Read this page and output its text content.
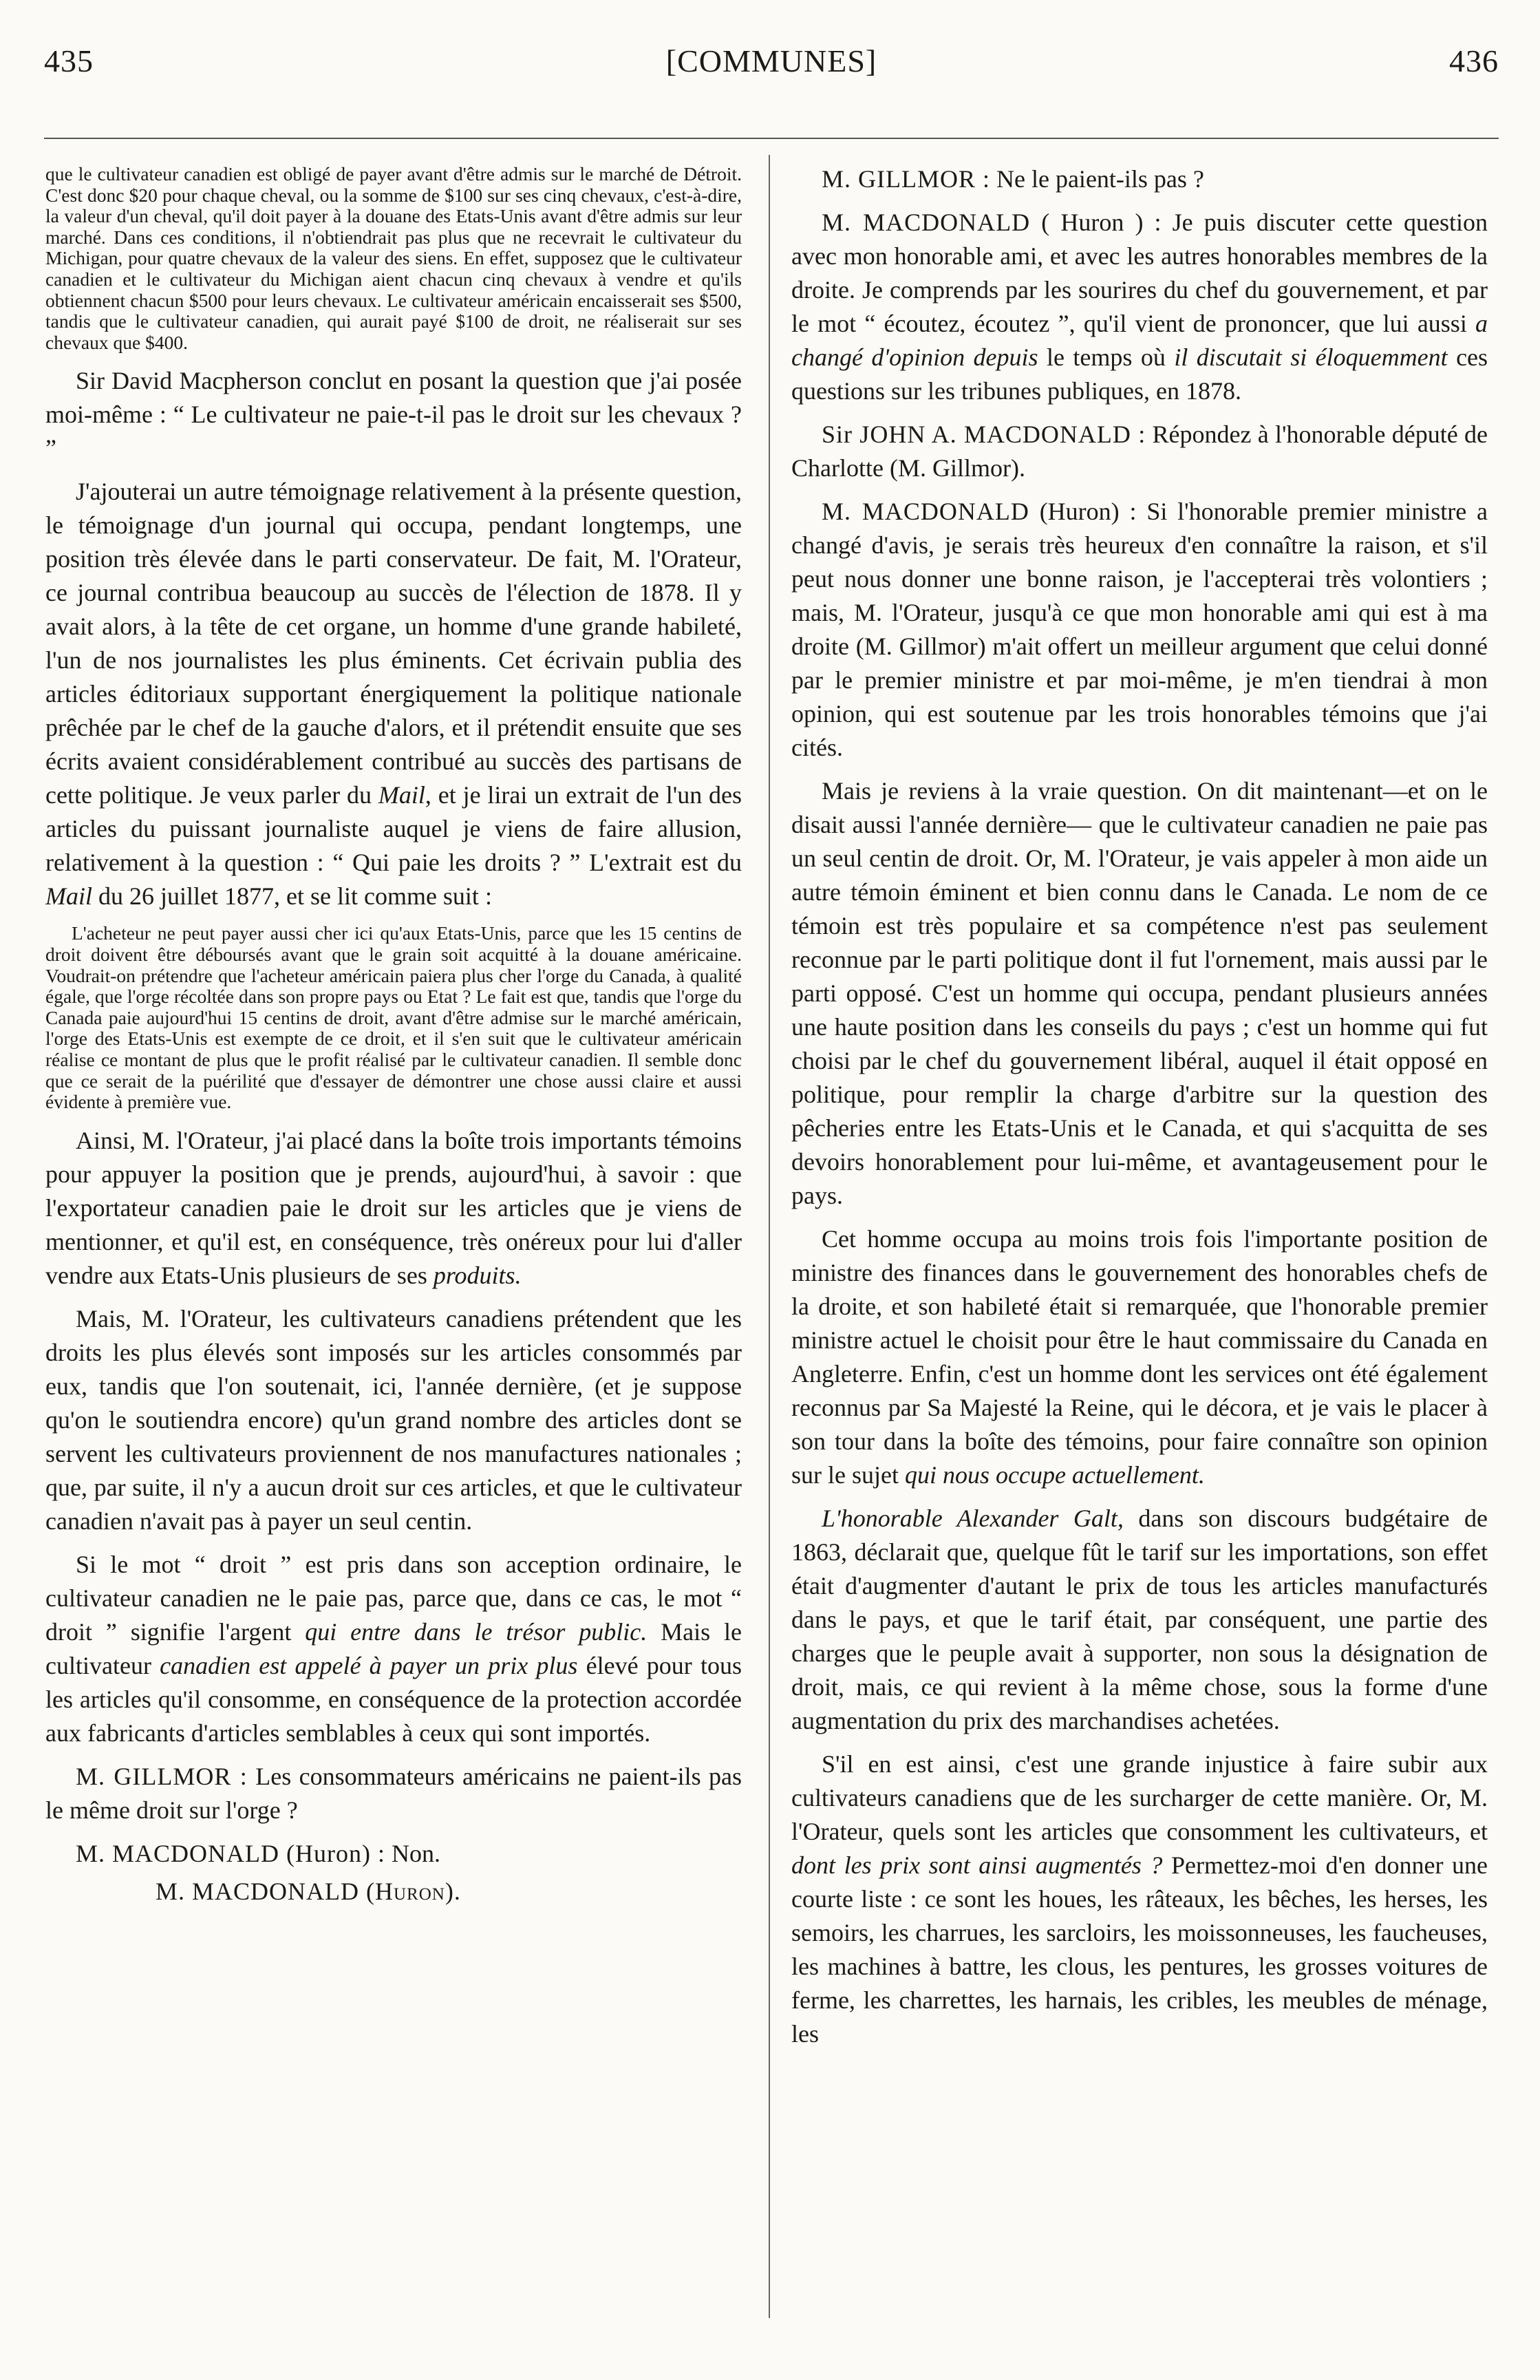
435	[COMMUNES]	436

que le cultivateur canadien est obligé de payer avant d'être admis sur le marché de Détroit. C'est donc $20 pour chaque cheval, ou la somme de $100 sur ses cinq chevaux, c'est-à-dire, la valeur d'un cheval, qu'il doit payer à la douane des Etats-Unis avant d'être admis sur leur marché. Dans ces conditions, il n'obtiendrait pas plus que ne recevrait le cultivateur du Michigan, pour quatre chevaux de la valeur des siens. En effet, supposez que le cultivateur canadien et le cultivateur du Michigan aient chacun cinq chevaux à vendre et qu'ils obtiennent chacun $500 pour leurs chevaux. Le cultivateur américain encaisserait ses $500, tandis que le cultivateur canadien, qui aurait payé $100 de droit, ne réaliserait sur ses chevaux que $400.

Sir David Macpherson conclut en posant la question que j'ai posée moi-même : “ Le cultivateur ne paie-t-il pas le droit sur les chevaux ? ”

J'ajouterai un autre témoignage relativement à la présente question, le témoignage d'un journal qui occupa, pendant longtemps, une position très élevée dans le parti conservateur. De fait, M. l'Orateur, ce journal contribua beaucoup au succès de l'élection de 1878. Il y avait alors, à la tête de cet organe, un homme d'une grande habileté, l'un de nos journalistes les plus éminents. Cet écrivain publia des articles éditoriaux supportant énergiquement la politique nationale prêchée par le chef de la gauche d'alors, et il prétendit ensuite que ses écrits avaient considérablement contribué au succès des partisans de cette politique. Je veux parler du Mail, et je lirai un extrait de l'un des articles du puissant journaliste auquel je viens de faire allusion, relativement à la question : “ Qui paie les droits ? ” L'extrait est du Mail du 26 juillet 1877, et se lit comme suit :

L'acheteur ne peut payer aussi cher ici qu'aux Etats-Unis, parce que les 15 centins de droit doivent être déboursés avant que le grain soit acquitté à la douane américaine. Voudrait-on prétendre que l'acheteur américain paiera plus cher l'orge du Canada, à qualité égale, que l'orge récoltée dans son propre pays ou Etat ? Le fait est que, tandis que l'orge du Canada paie aujourd'hui 15 centins de droit, avant d'être admise sur le marché américain, l'orge des Etats-Unis est exempte de ce droit, et il s'en suit que le cultivateur américain réalise ce montant de plus que le profit réalisé par le cultivateur canadien. Il semble donc que ce serait de la puérilité que d'essayer de démontrer une chose aussi claire et aussi évidente à première vue.

Ainsi, M. l'Orateur, j'ai placé dans la boîte trois importants témoins pour appuyer la position que je prends, aujourd'hui, à savoir : que l'exportateur canadien paie le droit sur les articles que je viens de mentionner, et qu'il est, en conséquence, très onéreux pour lui d'aller vendre aux Etats-Unis plusieurs de ses produits.

Mais, M. l'Orateur, les cultivateurs canadiens prétendent que les droits les plus élevés sont imposés sur les articles consommés par eux, tandis que l'on soutenait, ici, l'année dernière, (et je suppose qu'on le soutiendra encore) qu'un grand nombre des articles dont se servent les cultivateurs proviennent de nos manufactures nationales ; que, par suite, il n'y a aucun droit sur ces articles, et que le cultivateur canadien n'avait pas à payer un seul centin.

Si le mot “ droit ” est pris dans son acception ordinaire, le cultivateur canadien ne le paie pas, parce que, dans ce cas, le mot “ droit ” signifie l'argent qui entre dans le trésor public. Mais le cultivateur canadien est appelé à payer un prix plus élevé pour tous les articles qu'il consomme, en conséquence de la protection accordée aux fabricants d'articles semblables à ceux qui sont importés.

M. GILLMOR : Les consommateurs américains ne paient-ils pas le même droit sur l'orge ?

M. MACDONALD (Huron) : Non.

M. MACDONALD (Huron).

M. GILLMOR : Ne le paient-ils pas ?

M. MACDONALD ( Huron ) : Je puis discuter cette question avec mon honorable ami, et avec les autres honorables membres de la droite. Je comprends par les sourires du chef du gouvernement, et par le mot “ écoutez, écoutez ”, qu'il vient de prononcer, que lui aussi a changé d'opinion depuis le temps où il discutait si éloquemment ces questions sur les tribunes publiques, en 1878.

Sir JOHN A. MACDONALD : Répondez à l'honorable député de Charlotte (M. Gillmor).

M. MACDONALD (Huron) : Si l'honorable premier ministre a changé d'avis, je serais très heureux d'en connaître la raison, et s'il peut nous donner une bonne raison, je l'accepterai très volontiers ; mais, M. l'Orateur, jusqu'à ce que mon honorable ami qui est à ma droite (M. Gillmor) m'ait offert un meilleur argument que celui donné par le premier ministre et par moi-même, je m'en tiendrai à mon opinion, qui est soutenue par les trois honorables témoins que j'ai cités.

Mais je reviens à la vraie question. On dit maintenant—et on le disait aussi l'année dernière— que le cultivateur canadien ne paie pas un seul centin de droit. Or, M. l'Orateur, je vais appeler à mon aide un autre témoin éminent et bien connu dans le Canada. Le nom de ce témoin est très populaire et sa compétence n'est pas seulement reconnue par le parti politique dont il fut l'ornement, mais aussi par le parti opposé. C'est un homme qui occupa, pendant plusieurs années une haute position dans les conseils du pays ; c'est un homme qui fut choisi par le chef du gouvernement libéral, auquel il était opposé en politique, pour remplir la charge d'arbitre sur la question des pêcheries entre les Etats-Unis et le Canada, et qui s'acquitta de ses devoirs honorablement pour lui-même, et avantageusement pour le pays.

Cet homme occupa au moins trois fois l'importante position de ministre des finances dans le gouvernement des honorables chefs de la droite, et son habileté était si remarquée, que l'honorable premier ministre actuel le choisit pour être le haut commissaire du Canada en Angleterre. Enfin, c'est un homme dont les services ont été également reconnus par Sa Majesté la Reine, qui le décora, et je vais le placer à son tour dans la boîte des témoins, pour faire connaître son opinion sur le sujet qui nous occupe actuellement.

L'honorable Alexander Galt, dans son discours budgétaire de 1863, déclarait que, quelque fût le tarif sur les importations, son effet était d'augmenter d'autant le prix de tous les articles manufacturés dans le pays, et que le tarif était, par conséquent, une partie des charges que le peuple avait à supporter, non sous la désignation de droit, mais, ce qui revient à la même chose, sous la forme d'une augmentation du prix des marchandises achetées.

S'il en est ainsi, c'est une grande injustice à faire subir aux cultivateurs canadiens que de les surcharger de cette manière. Or, M. l'Orateur, quels sont les articles que consomment les cultivateurs, et dont les prix sont ainsi augmentés ? Permettez-moi d'en donner une courte liste : ce sont les houes, les râteaux, les bêches, les herses, les semoirs, les charrues, les sarcloirs, les moissonneuses, les faucheuses, les machines à battre, les clous, les pentures, les grosses voitures de ferme, les charrettes, les harnais, les cribles, les meubles de ménage, les
